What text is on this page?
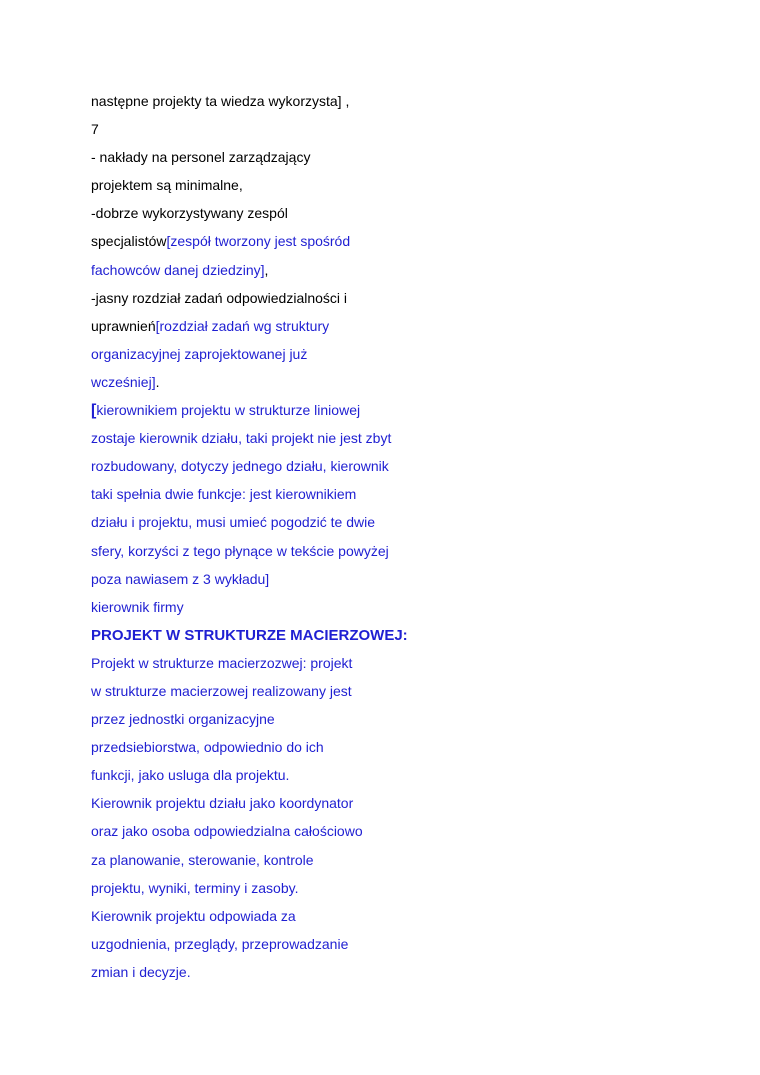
następne projekty ta wiedza wykorzysta] ,
7
- nakłady na personel zarządzający
projektem są minimalne,
-dobrze wykorzystywany zespól
specjalistów[zespół tworzony jest spośród
fachowców danej dziedziny],
-jasny rozdział zadań odpowiedzialności i
uprawnień[rozdział zadań wg struktury
organizacyjnej zaprojektowanej już
wcześniej].
[kierownikiem projektu w strukturze liniowej
zostaje kierownik działu, taki projekt nie jest zbyt
rozbudowany, dotyczy jednego działu, kierownik
taki spełnia dwie funkcje: jest kierownikiem
działu i projektu, musi umieć pogodzić te dwie
sfery, korzyści z tego płynące w tekście powyżej
poza nawiasem z 3 wykładu]
kierownik firmy
PROJEKT W STRUKTURZE MACIERZOWEJ:
Projekt w strukturze macierzozwej: projekt
w strukturze macierzowej realizowany jest
przez jednostki organizacyjne
przedsiebiorstwa, odpowiednio do ich
funkcji, jako usluga dla projektu.
Kierownik projektu działu jako koordynator
oraz jako osoba odpowiedzialna całościowo
za planowanie, sterowanie, kontrole
projektu, wyniki, terminy i zasoby.
Kierownik projektu odpowiada za
uzgodnienia, przeglądy, przeprowadzanie
zmian i decyzje.
